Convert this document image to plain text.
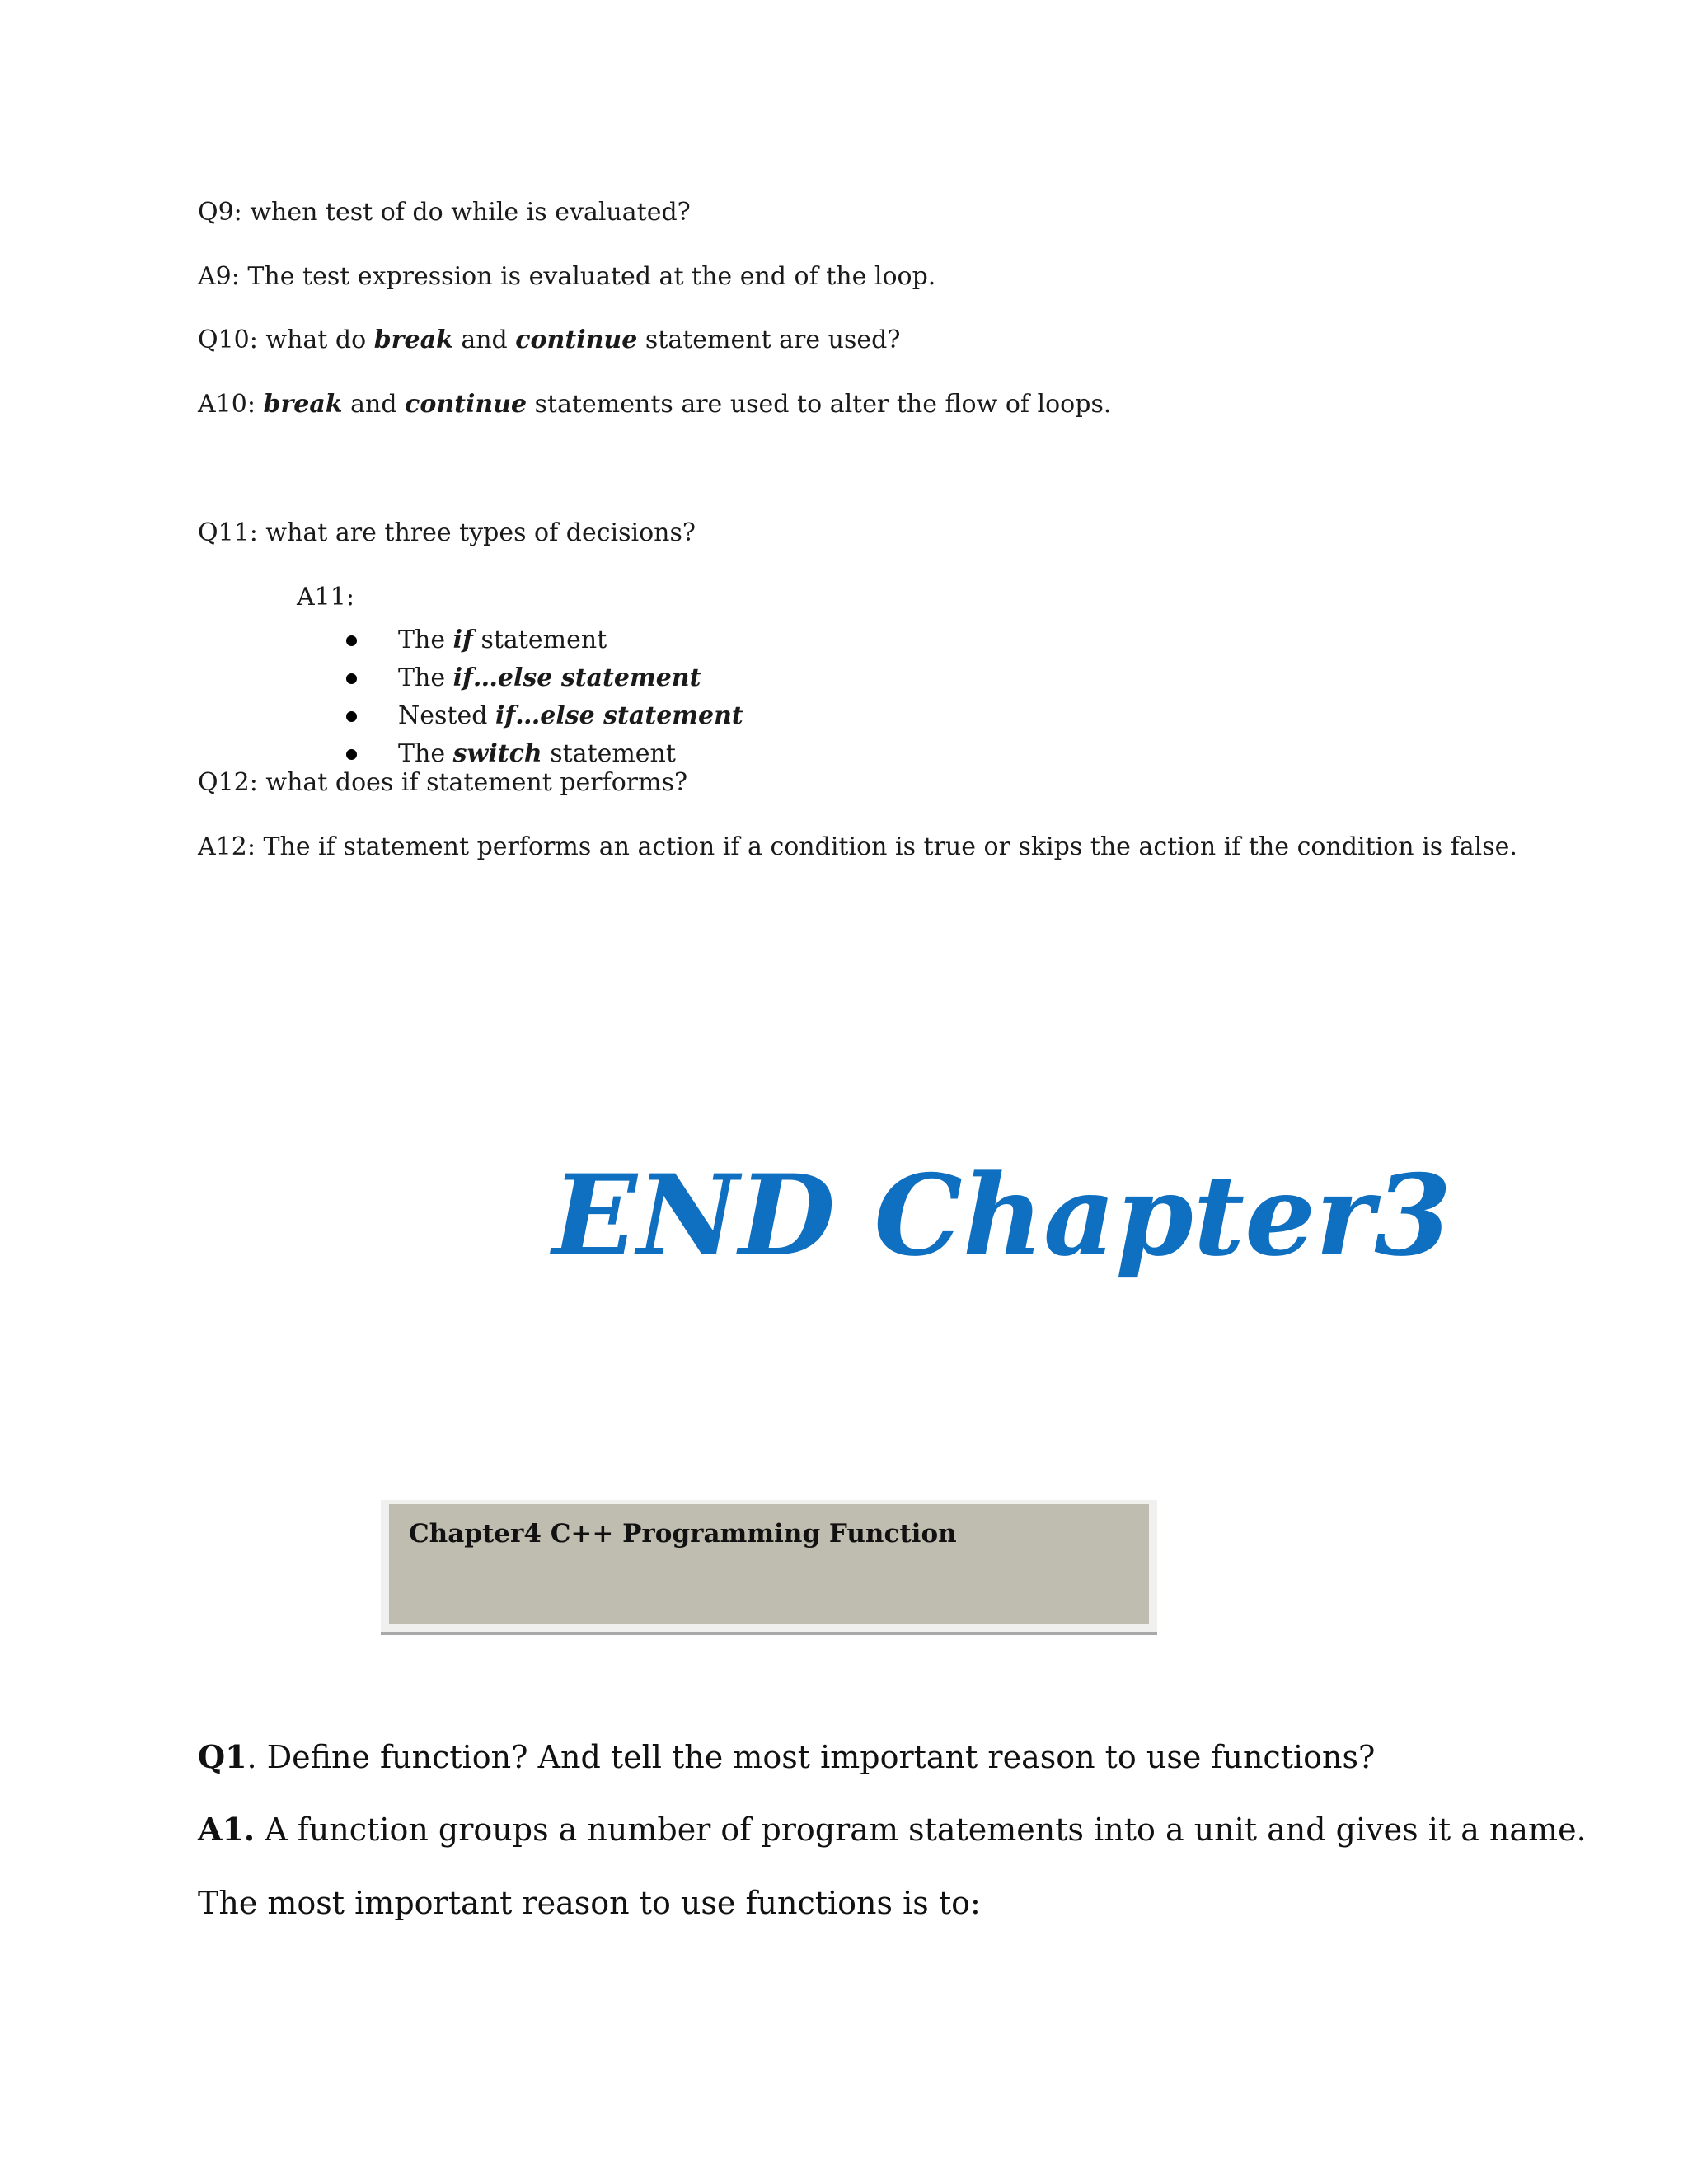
Q9: when test of do while is evaluated?
A9: The test expression is evaluated at the end of the loop.
Q10: what do break and continue statement are used?
A10: break and continue statements are used to alter the flow of loops.
Q11: what are three types of decisions?
A11:
The if statement
The if…else statement
Nested if…else statement
The switch statement
Q12: what does if statement performs?
A12: The if statement performs an action if a condition is true or skips the action if the condition is false.
END Chapter3
Chapter4 C++ Programming Function
Q1. Define function? And tell the most important reason to use functions?
A1. A function groups a number of program statements into a unit and gives it a name.
The most important reason to use functions is to:
